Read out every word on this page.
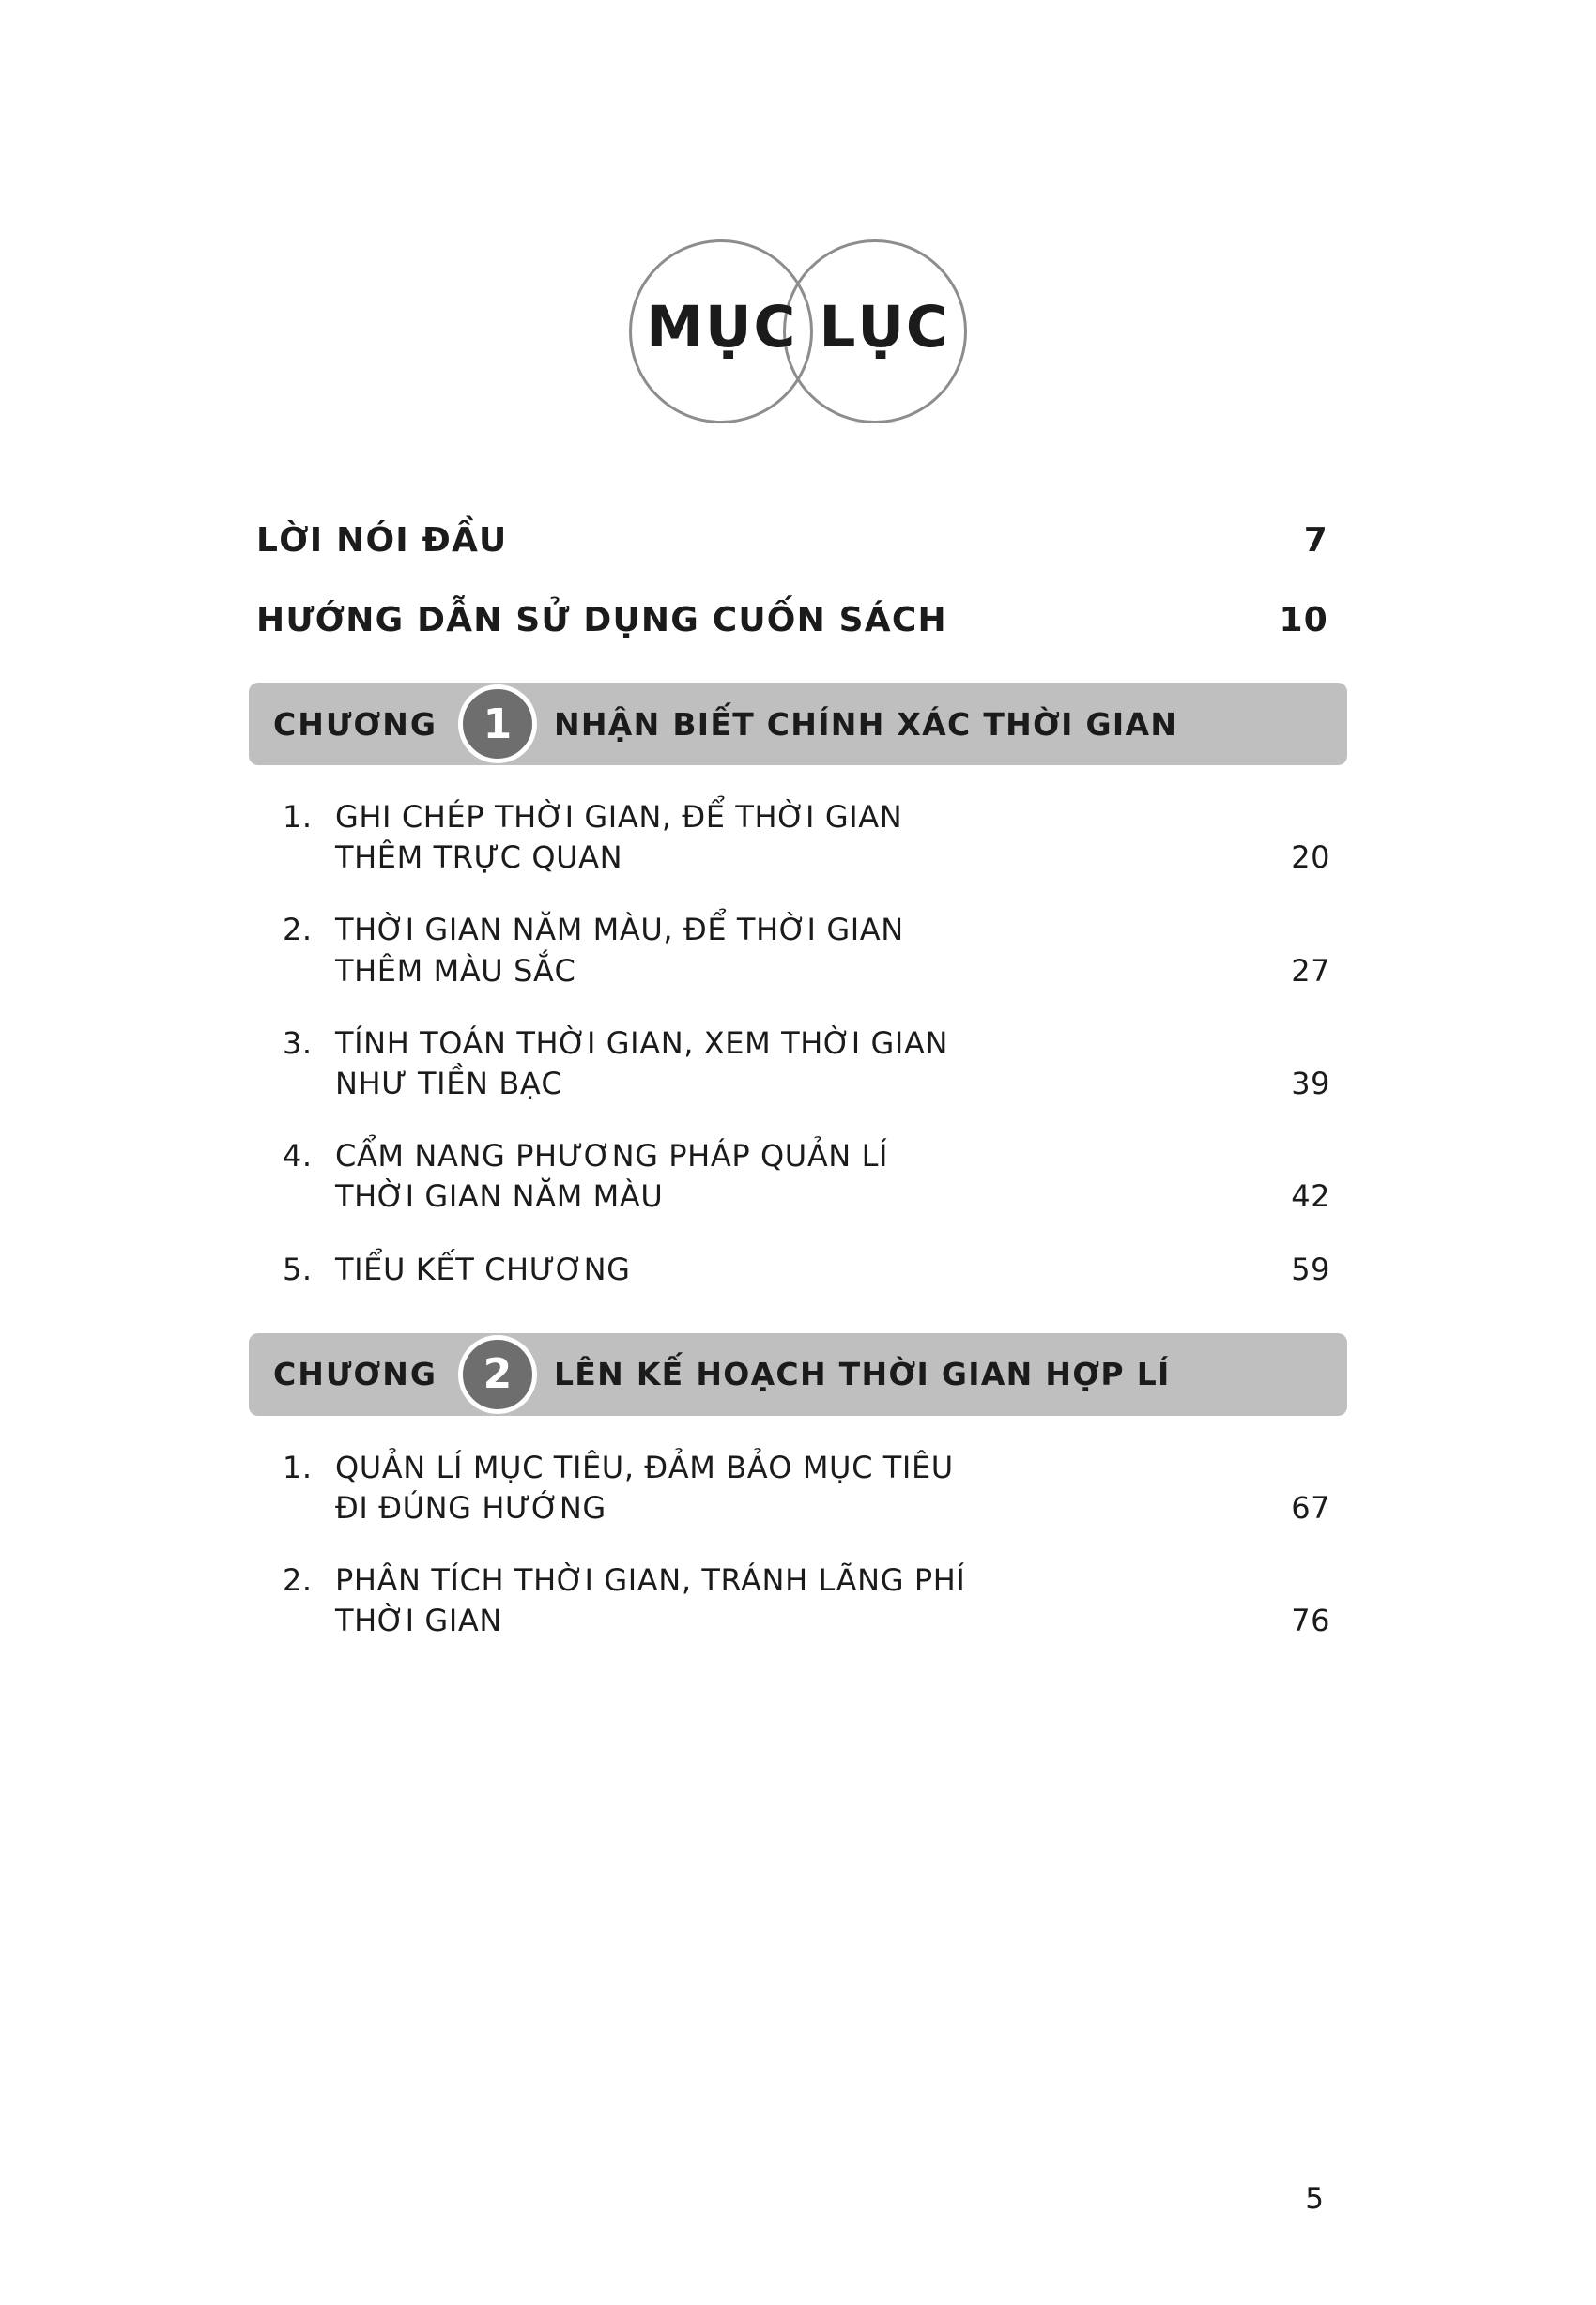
MỤC LỤC
LỜI NÓI ĐẦU	7
HƯỚNG DẪN SỬ DỤNG CUỐN SÁCH	10
CHƯƠNG	1	NHẬN BIẾT CHÍNH XÁC THỜI GIAN
1. GHI CHÉP THỜI GIAN, ĐỂ THỜI GIAN
THÊM TRỰC QUAN	20
2. THỜI GIAN NĂM MÀU, ĐỂ THỜI GIAN
THÊM MÀU SẮC	27
3. TÍNH TOÁN THỜI GIAN, XEM THỜI GIAN
NHƯ TIỀN BẠC	39
4. CẨM NANG PHƯƠNG PHÁP QUẢN LÍ
THỜI GIAN NĂM MÀU	42
5. TIỂU KẾT CHƯƠNG	59
CHƯƠNG	2	LÊN KẾ HOẠCH THỜI GIAN HỢP LÍ
1. QUẢN LÍ MỤC TIÊU, ĐẢM BẢO MỤC TIÊU
ĐI ĐÚNG HƯỚNG	67
2. PHÂN TÍCH THỜI GIAN, TRÁNH LÃNG PHÍ
THỜI GIAN	76
5
